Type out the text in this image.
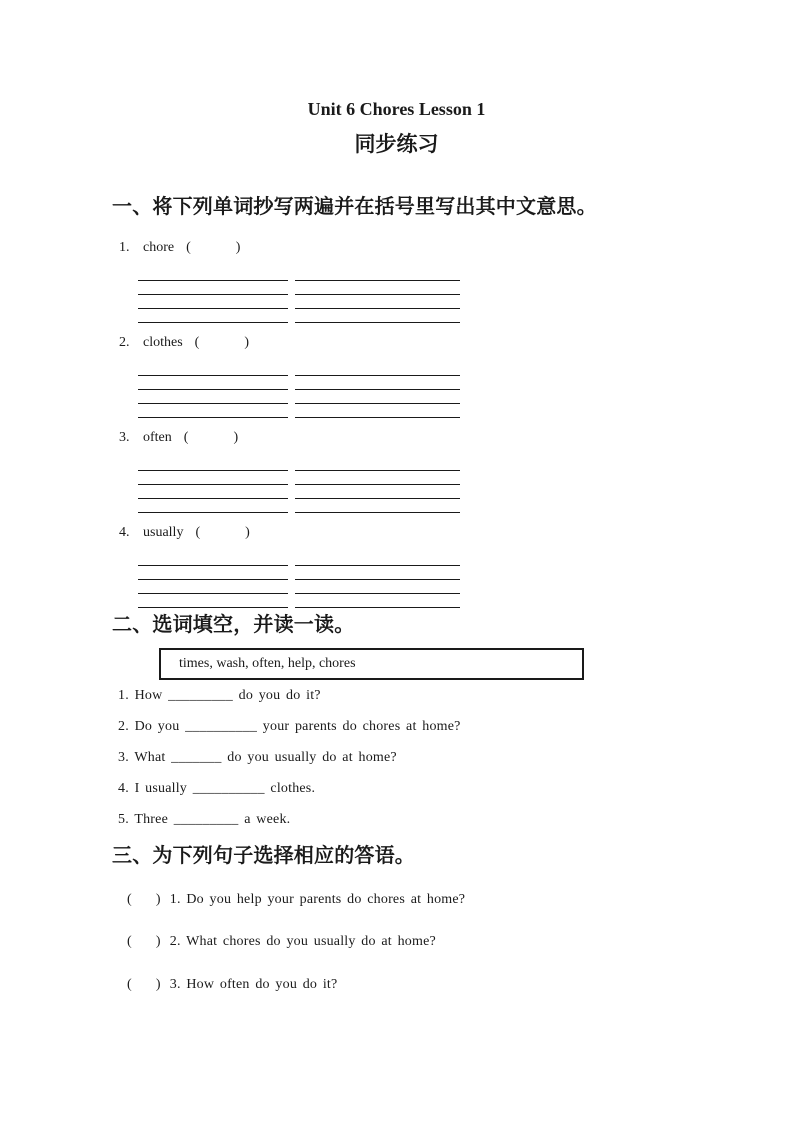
Unit 6 Chores Lesson 1
同步练习
一、将下列单词抄写两遍并在括号里写出其中文意思。
1. chore (	)
2. clothes (	)
3. often (	)
4. usually (	)
二、选词填空，并读一读。
times, wash, often, help, chores
1. How _________ do you do it?
2. Do you __________ your parents do chores at home?
3. What _______ do you usually do at home?
4. I usually __________ clothes.
5. Three _________ a week.
三、为下列句子选择相应的答语。
( ) 1. Do you help your parents do chores at home?
( ) 2. What chores do you usually do at home?
( ) 3. How often do you do it?
